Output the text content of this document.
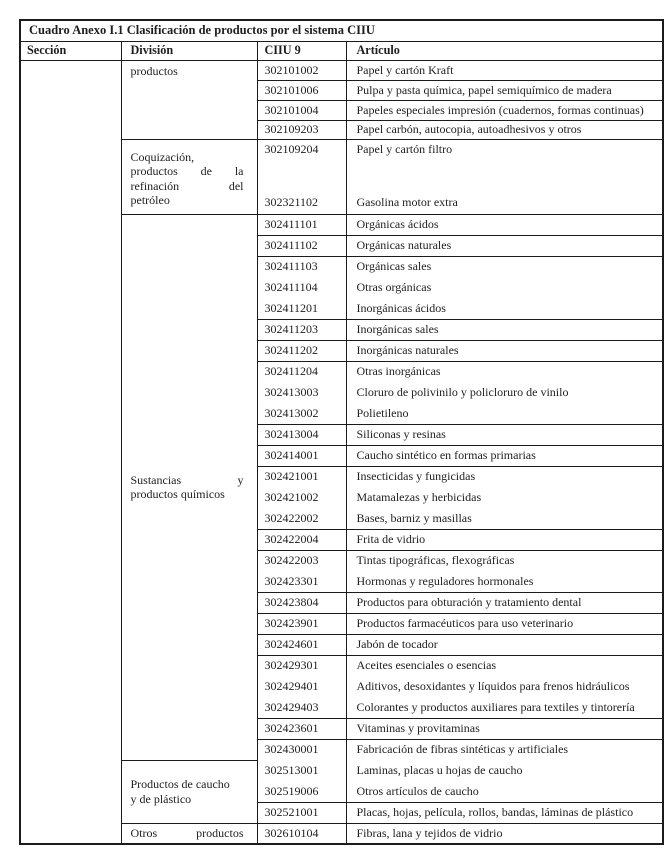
Cuadro Anexo I.1 Clasificación de productos por el sistema CIIU			
Sección	División	CIIU 9	Artículo

	productos	302101002	Papel y cartón Kraft
		302101006	Pulpa y pasta química, papel semiquímico de madera
		302101004	Papeles especiales impresión (cuadernos, formas continuas)
		302109203	Papel carbón, autocopia, autoadhesivos y otros

	Coquización,
productos de la
refinación del
petróleo	302109204	Papel y cartón filtro
		302321102	Gasolina motor extra

	Sustancias y
productos químicos	302411101	Orgánicas ácidos
		302411102	Orgánicas naturales
		302411103	Orgánicas sales
		302411104	Otras orgánicas
		302411201	Inorgánicas ácidos
		302411203	Inorgánicas sales
		302411202	Inorgánicas naturales
		302411204	Otras inorgánicas
		302413003	Cloruro de polivinilo y policloruro de vinilo
		302413002	Polietileno
		302413004	Siliconas y resinas
		302414001	Caucho sintético en formas primarias
		302421001	Insecticidas y fungicidas
		302421002	Matamalezas y herbicidas
		302422002	Bases, barniz y masillas
		302422004	Frita de vidrio
		302422003	Tintas tipográficas, flexográficas
		302423301	Hormonas y reguladores hormonales
		302423804	Productos para obturación y tratamiento dental
		302423901	Productos farmacéuticos para uso veterinario
		302424601	Jabón de tocador
		302429301	Aceites esenciales o esencias
		302429401	Aditivos, desoxidantes y líquidos para frenos hidráulicos
		302429403	Colorantes y productos auxiliares para textiles y tintorería
		302423601	Vitaminas y provitaminas
		302430001	Fabricación de fibras sintéticas y artificiales

	Productos de caucho
y de plástico	302513001	Laminas, placas u hojas de caucho
		302519006	Otros artículos de caucho
		302521001	Placas, hojas, película, rollos, bandas, láminas de plástico

	Otros productos	302610104	Fibras, lana y tejidos de vidrio
